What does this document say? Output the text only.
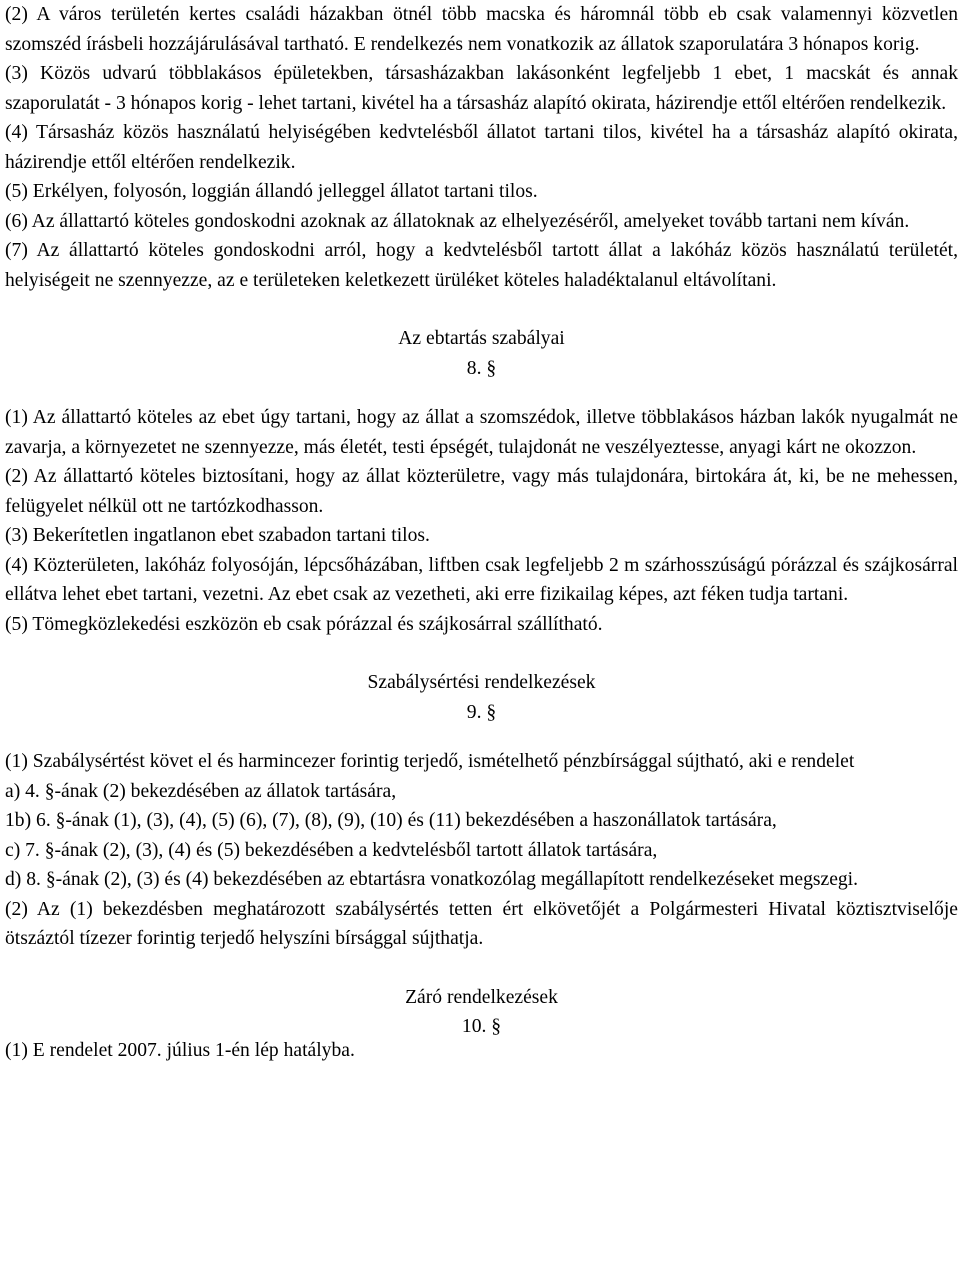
(2) A város területén kertes családi házakban ötnél több macska és háromnál több eb csak valamennyi közvetlen szomszéd írásbeli hozzájárulásával tartható. E rendelkezés nem vonatkozik az állatok szaporulatára 3 hónapos korig.

(3) Közös udvarú többlakásos épületekben, társasházakban lakásonként legfeljebb 1 ebet, 1 macskát és annak szaporulatát - 3 hónapos korig - lehet tartani, kivétel ha a társasház alapító okirata, házirendje ettől eltérően rendelkezik.

(4) Társasház közös használatú helyiségében kedvtelésből állatot tartani tilos, kivétel ha a társasház alapító okirata, házirendje ettől eltérően rendelkezik.

(5) Erkélyen, folyosón, loggián állandó jelleggel állatot tartani tilos.

(6) Az állattartó köteles gondoskodni azoknak az állatoknak az elhelyezéséről, amelyeket tovább tartani nem kíván.

(7) Az állattartó köteles gondoskodni arról, hogy a kedvtelésből tartott állat a lakóház közös használatú területét, helyiségeit ne szennyezze, az e területeken keletkezett ürüléket köteles haladéktalanul eltávolítani.

Az ebtartás szabályai

8. §

(1) Az állattartó köteles az ebet úgy tartani, hogy az állat a szomszédok, illetve többlakásos házban lakók nyugalmát ne zavarja, a környezetet ne szennyezze, más életét, testi épségét, tulajdonát ne veszélyeztesse, anyagi kárt ne okozzon.

(2) Az állattartó köteles biztosítani, hogy az állat közterületre, vagy más tulajdonára, birtokára át, ki, be ne mehessen, felügyelet nélkül ott ne tartózkodhasson.

(3) Bekerítetlen ingatlanon ebet szabadon tartani tilos.

(4) Közterületen, lakóház folyosóján, lépcsőházában, liftben csak legfeljebb 2 m szárhosszúságú pórázzal és szájkosárral ellátva lehet ebet tartani, vezetni. Az ebet csak az vezetheti, aki erre fizikailag képes, azt féken tudja tartani.

(5) Tömegközlekedési eszközön eb csak pórázzal és szájkosárral szállítható.

Szabálysértési rendelkezések

9. §

(1) Szabálysértést követ el és harmincezer forintig terjedő, ismételhető pénzbírsággal sújtható, aki e rendelet

a) 4. §-ának (2) bekezdésében az állatok tartására,

1b) 6. §-ának (1), (3), (4), (5) (6), (7), (8), (9), (10) és (11) bekezdésében a haszonállatok tartására,

c) 7. §-ának (2), (3), (4) és (5) bekezdésében a kedvtelésből tartott állatok tartására,

d) 8. §-ának (2), (3) és (4) bekezdésében az ebtartásra vonatkozólag megállapított rendelkezéseket megszegi.

(2) Az (1) bekezdésben meghatározott szabálysértés tetten ért elkövetőjét a Polgármesteri Hivatal köztisztviselője ötszáztól tízezer forintig terjedő helyszíni bírsággal sújthatja.

Záró rendelkezések

10. §

(1) E rendelet 2007. július 1-én lép hatályba.
